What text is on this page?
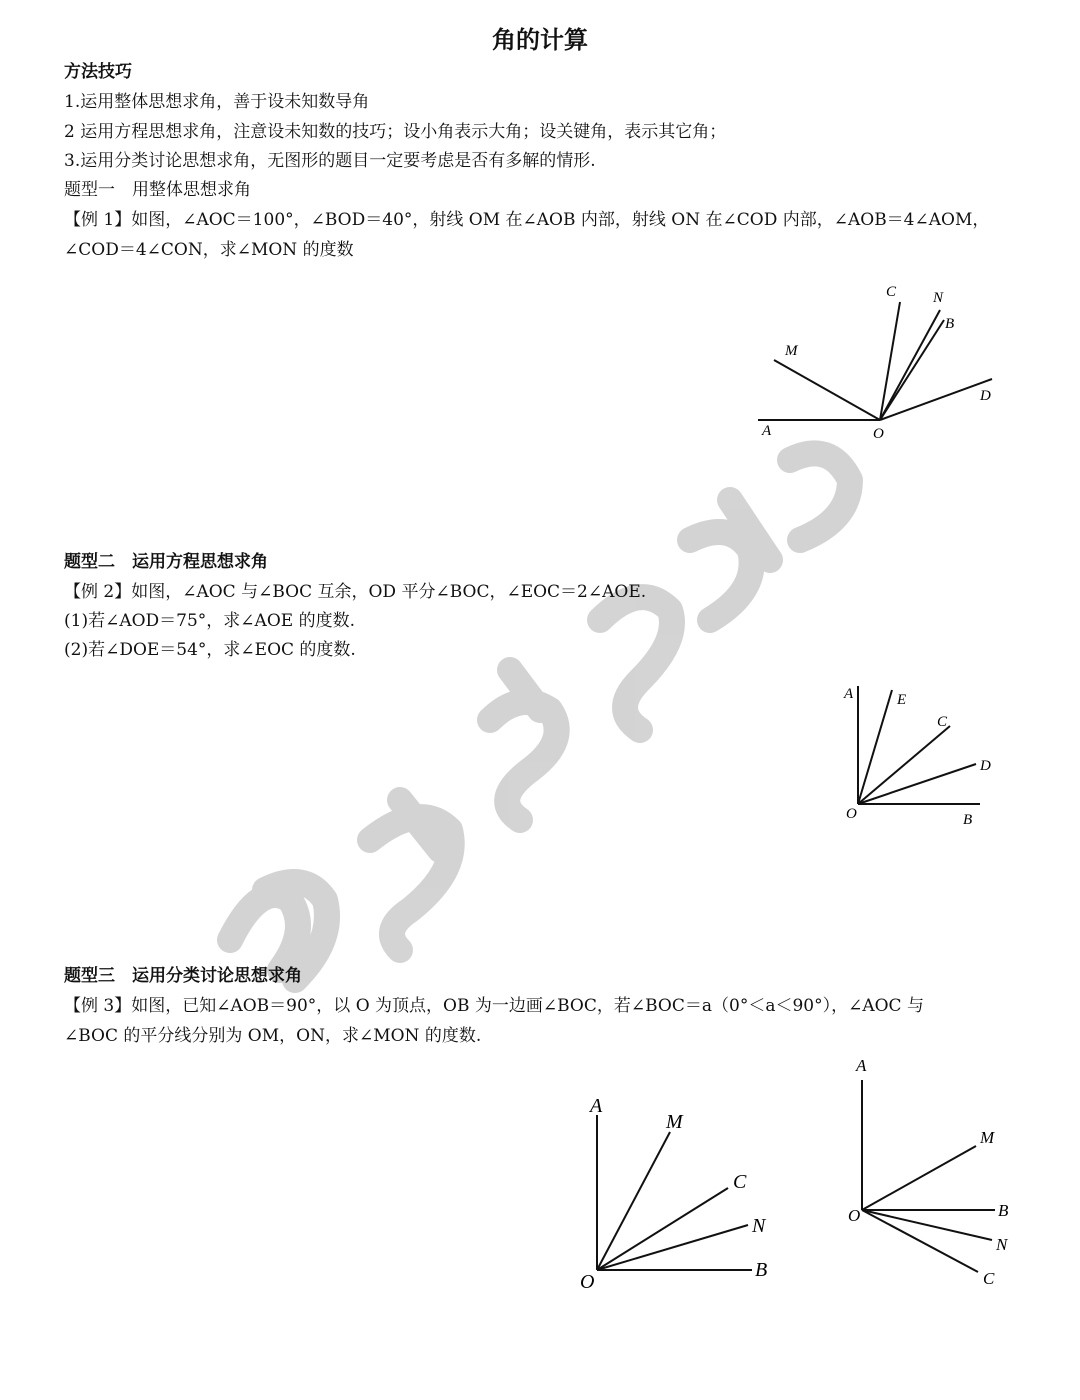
角的计算
方法技巧
1.运用整体思想求角，善于设未知数导角
2 运用方程思想求角，注意设未知数的技巧；设小角表示大角；设关键角，表示其它角；
3.运用分类讨论思想求角，无图形的题目一定要考虑是否有多解的情形.
题型一　用整体思想求角
【例 1】如图，∠AOC＝100°，∠BOD＝40°，射线 OM 在∠AOB 内部，射线 ON 在∠COD 内部，∠AOB＝4∠AOM，
∠COD＝4∠CON，求∠MON 的度数
C N
B
M
D
A	O
题型二　运用方程思想求角
【例 2】如图，∠AOC 与∠BOC 互余，OD 平分∠BOC，∠EOC＝2∠AOE.
(1)若∠AOD＝75°，求∠AOE 的度数.
(2)若∠DOE＝54°，求∠EOC 的度数.
A	E
C
D
O	B
题型三　运用分类讨论思想求角
【例 3】如图，已知∠AOB＝90°，以 O 为顶点，OB 为一边画∠BOC，若∠BOC＝a（0°＜a＜90°），∠AOC 与
∠BOC 的平分线分别为 OM，ON，求∠MON 的度数.
A
M
C
N
O
B
A
M
O	B
N
C
